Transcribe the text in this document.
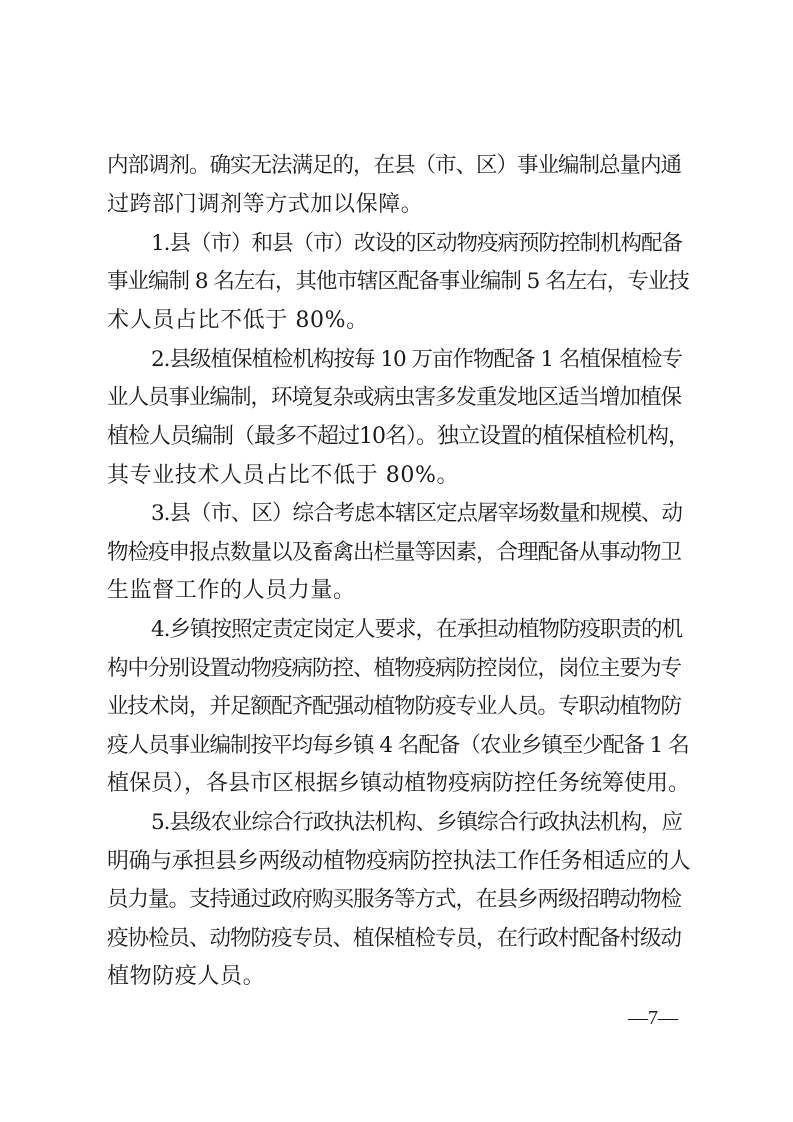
内部调剂。确实无法满足的，在县（市、区）事业编制总量内通
过跨部门调剂等方式加以保障。
1.县（市）和县（市）改设的区动物疫病预防控制机构配备
事业编制 8 名左右，其他市辖区配备事业编制 5 名左右，专业技
术人员占比不低于 80%。
2.县级植保植检机构按每 10 万亩作物配备 1 名植保植检专
业人员事业编制，环境复杂或病虫害多发重发地区适当增加植保
植检人员编制（最多不超过10名）。独立设置的植保植检机构，
其专业技术人员占比不低于 80%。
3.县（市、区）综合考虑本辖区定点屠宰场数量和规模、动
物检疫申报点数量以及畜禽出栏量等因素，合理配备从事动物卫
生监督工作的人员力量。
4.乡镇按照定责定岗定人要求，在承担动植物防疫职责的机
构中分别设置动物疫病防控、植物疫病防控岗位，岗位主要为专
业技术岗，并足额配齐配强动植物防疫专业人员。专职动植物防
疫人员事业编制按平均每乡镇 4 名配备（农业乡镇至少配备 1 名
植保员），各县市区根据乡镇动植物疫病防控任务统筹使用。
5.县级农业综合行政执法机构、乡镇综合行政执法机构，应
明确与承担县乡两级动植物疫病防控执法工作任务相适应的人
员力量。支持通过政府购买服务等方式，在县乡两级招聘动物检
疫协检员、动物防疫专员、植保植检专员，在行政村配备村级动
植物防疫人员。
—7—
